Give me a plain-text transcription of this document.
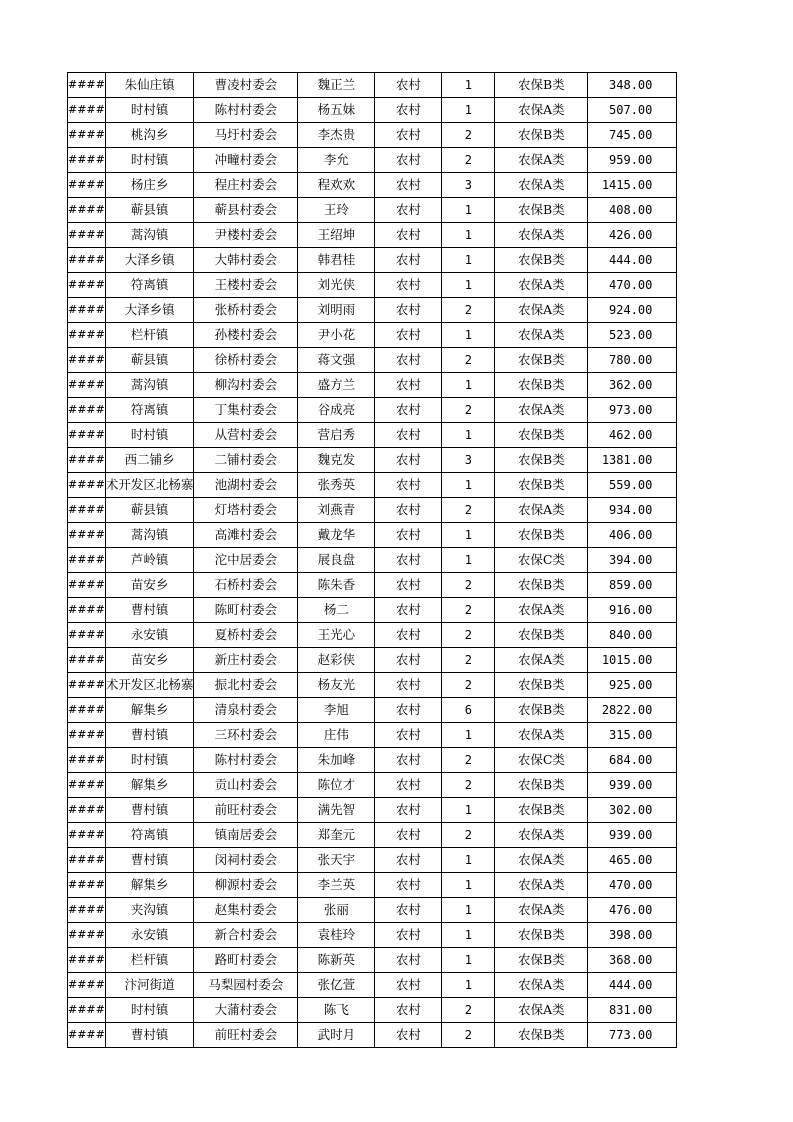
####	朱仙庄镇	曹凌村委会	魏正兰	农村	1	农保B类	348.00
####	时村镇	陈村村委会	杨五妹	农村	1	农保A类	507.00
####	桃沟乡	马圩村委会	李杰贵	农村	2	农保B类	745.00
####	时村镇	冲疃村委会	李允	农村	2	农保A类	959.00
####	杨庄乡	程庄村委会	程欢欢	农村	3	农保A类	1415.00
####	蕲县镇	蕲县村委会	王玲	农村	1	农保B类	408.00
####	蒿沟镇	尹楼村委会	王绍坤	农村	1	农保A类	426.00
####	大泽乡镇	大韩村委会	韩君桂	农村	1	农保B类	444.00
####	符离镇	王楼村委会	刘光侠	农村	1	农保A类	470.00
####	大泽乡镇	张桥村委会	刘明雨	农村	2	农保A类	924.00
####	栏杆镇	孙楼村委会	尹小花	农村	1	农保A类	523.00
####	蕲县镇	徐桥村委会	蒋文强	农村	2	农保B类	780.00
####	蒿沟镇	柳沟村委会	盛方兰	农村	1	农保B类	362.00
####	符离镇	丁集村委会	谷成亮	农村	2	农保A类	973.00
####	时村镇	从营村委会	营启秀	农村	1	农保B类	462.00
####	西二铺乡	二铺村委会	魏克发	农村	3	农保B类	1381.00
####	术开发区北杨寨	池湖村委会	张秀英	农村	1	农保B类	559.00
####	蕲县镇	灯塔村委会	刘燕青	农村	2	农保A类	934.00
####	蒿沟镇	高滩村委会	戴龙华	农村	1	农保B类	406.00
####	芦岭镇	沱中居委会	展良盘	农村	1	农保C类	394.00
####	苗安乡	石桥村委会	陈朱香	农村	2	农保B类	859.00
####	曹村镇	陈町村委会	杨二	农村	2	农保A类	916.00
####	永安镇	夏桥村委会	王光心	农村	2	农保B类	840.00
####	苗安乡	新庄村委会	赵彩侠	农村	2	农保A类	1015.00
####	术开发区北杨寨	振北村委会	杨友光	农村	2	农保B类	925.00
####	解集乡	清泉村委会	李旭	农村	6	农保B类	2822.00
####	曹村镇	三环村委会	庄伟	农村	1	农保A类	315.00
####	时村镇	陈村村委会	朱加峰	农村	2	农保C类	684.00
####	解集乡	贡山村委会	陈位才	农村	2	农保B类	939.00
####	曹村镇	前旺村委会	满先智	农村	1	农保B类	302.00
####	符离镇	镇南居委会	郑奎元	农村	2	农保A类	939.00
####	曹村镇	闵祠村委会	张天宇	农村	1	农保A类	465.00
####	解集乡	柳源村委会	李兰英	农村	1	农保A类	470.00
####	夹沟镇	赵集村委会	张丽	农村	1	农保A类	476.00
####	永安镇	新合村委会	袁桂玲	农村	1	农保B类	398.00
####	栏杆镇	路町村委会	陈新英	农村	1	农保B类	368.00
####	汴河街道	马梨园村委会	张亿萱	农村	1	农保A类	444.00
####	时村镇	大蒲村委会	陈飞	农村	2	农保A类	831.00
####	曹村镇	前旺村委会	武时月	农村	2	农保B类	773.00
